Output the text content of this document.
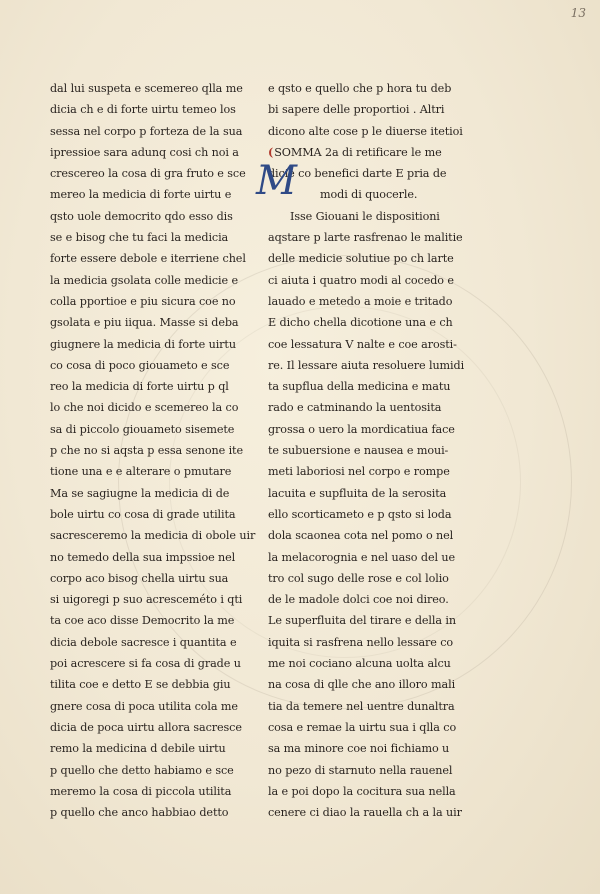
13
dal lui suspeta e scemereo qlla me
dicia ch e di forte uirtu temeo los
sessa nel corpo p forteza de la sua
ipressioe sara adunq cosi ch noi a
crescereo la cosa di gra fruto e sce
mereo la medicia di forte uirtu e
qsto uole democrito qdo esso dis
se e bisog che tu faci la medicia
forte essere debole e iterriene chel
la medicia gsolata colle medicie e
colla pportioe e piu sicura coe no
gsolata e piu iiqua. Masse si deba
giugnere la medicia di forte uirtu
co cosa di poco giouameto e sce
reo la medicia di forte uirtu p ql
lo che noi dicido e scemereo la co
sa di piccolo giouameto sisemete
p che no si aqsta p essa senone ite
tione una e e alterare o pmutare
Ma se sagiugne la medicia di de
bole uirtu co cosa di grade utilita
sacresceremo la medicia di obole uir
no temedo della sua impssioe nel
corpo aco bisog chella uirtu sua
si uigoregi p suo acresceméto i qti
ta coe aco disse Democrito la me
dicia debole sacresce i quantita e
poi acrescere si fa cosa di grade u
tilita coe e detto E se debbia giu
gnere cosa di poca utilita cola me
dicia de poca uirtu allora sacresce
remo la medicina d debile uirtu
p quello che detto habiamo e sce
meremo la cosa di piccola utilita
p quello che anco habbiao detto
M
e qsto e quello che p hora tu deb
bi sapere delle proportioi . Altri
dicono alte cose p le diuerse itetioi
(SOMMA 2a di retificare le me
dicie co benefici darte E pria de
modi di quocerle.
Isse Giouani le dispositioni
aqstare p larte rasfrenao le malitie
delle medicie solutiue po ch larte
ci aiuta i quatro modi al cocedo e
lauado e metedo a moie e tritado
E dicho chella dicotione una e ch
coe lessatura V nalte e coe arosti-
re. Il lessare aiuta resoluere lumidi
ta supflua della medicina e matu
rado e catminando la uentosita
grossa o uero la mordicatiua face
te subuersione e nausea e moui-
meti laboriosi nel corpo e rompe
lacuita e supfluita de la serosita
ello scorticameto e p qsto si loda
dola scaonea cota nel pomo o nel
la melacorognia e nel uaso del ue
tro col sugo delle rose e col lolio
de le madole dolci coe noi direo.
Le superfluita del tirare e della in
iquita si rasfrena nello lessare co
me noi cociano alcuna uolta alcu
na cosa di qlle che ano illoro mali
tia da temere nel uentre dunaltra
cosa e remae la uirtu sua i qlla co
sa ma minore coe noi fichiamo u
no pezo di starnuto nella rauenel
la e poi dopo la cocitura sua nella
cenere ci diao la rauella ch a la uir
